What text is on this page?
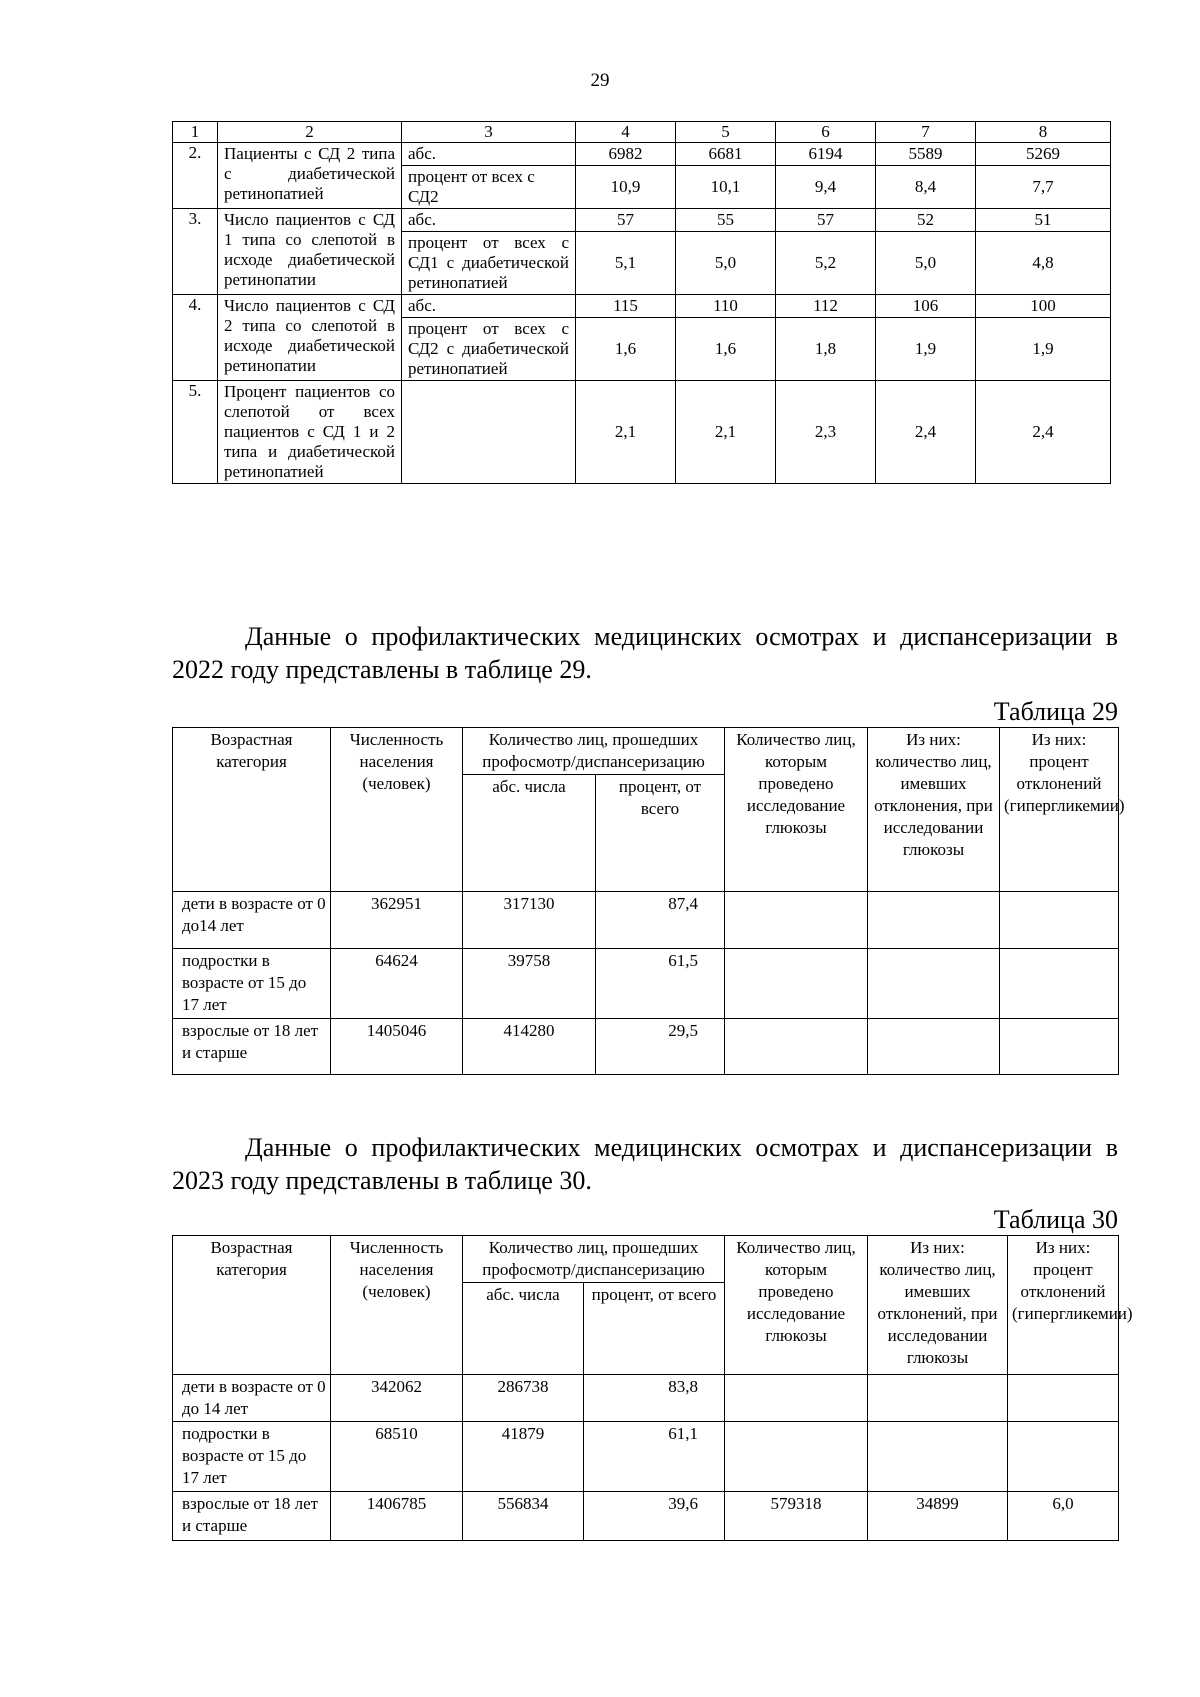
29
1	2	3	4	5	6	7	8
2.	Пациенты с СД 2 типа с диабетической ретинопатией	абс.	6982	6681	6194	5589	5269
		процент от всех с СД2	10,9	10,1	9,4	8,4	7,7
3.	Число пациентов с СД 1 типа со слепотой в исходе диабетической ретинопатии	абс.	57	55	57	52	51
		процент от всех с СД1 с диабетической ретинопатией	5,1	5,0	5,2	5,0	4,8
4.	Число пациентов с СД 2 типа со слепотой в исходе диабетической ретинопатии	абс.	115	110	112	106	100
		процент от всех с СД2 с диабетической ретинопатией	1,6	1,6	1,8	1,9	1,9
5.	Процент пациентов со слепотой от всех пациентов с СД 1 и 2 типа и диабетической ретинопатией		2,1	2,1	2,3	2,4	2,4
Данные о профилактических медицинских осмотрах и диспансеризации в 2022 году представлены в таблице 29.
Таблица 29
Возрастная категория	Численность населения (человек)	Количество лиц, прошедших профосмотр/диспансеризацию		Количество лиц, которым проведено исследование глюкозы	Из них: количество лиц, имевших отклонения, при исследовании глюкозы	Из них: процент отклонений (гипергликемии)
		абс. числа	процент, от всего			
дети в возрасте от 0 до14 лет	362951	317130	87,4			
подростки в возрасте от 15 до 17 лет	64624	39758	61,5			
взрослые от 18 лет и старше	1405046	414280	29,5			
Данные о профилактических медицинских осмотрах и диспансеризации в 2023 году представлены в таблице 30.
Таблица 30
Возрастная категория	Численность населения (человек)	Количество лиц, прошедших профосмотр/диспансеризацию		Количество лиц, которым проведено исследование глюкозы	Из них: количество лиц, имевших отклонений, при исследовании глюкозы	Из них: процент отклонений (гипергликемии)
		абс. числа	процент, от всего			
дети в возрасте от 0 до 14 лет	342062	286738	83,8			
подростки в возрасте от 15 до 17 лет	68510	41879	61,1			
взрослые от 18 лет и старше	1406785	556834	39,6	579318	34899	6,0
